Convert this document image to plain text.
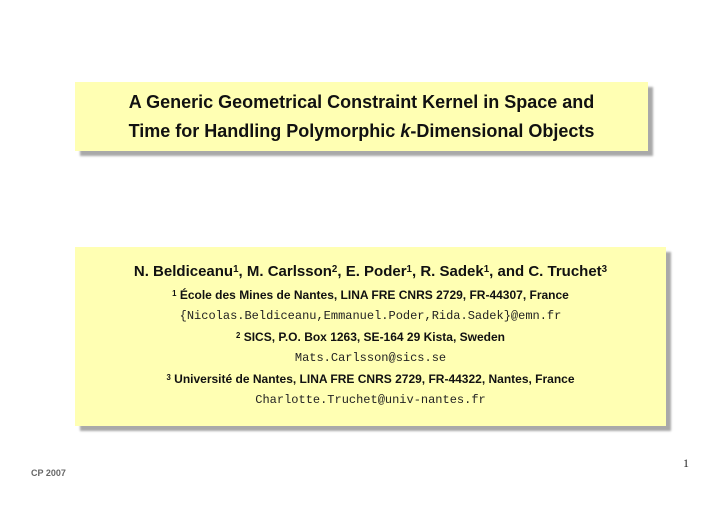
A Generic Geometrical Constraint Kernel in Space and
Time for Handling Polymorphic k-Dimensional Objects
N. Beldiceanu$^1$, M. Carlsson$^2$, E. Poder$^1$, R. Sadek$^1$, and C. Truchet$^3$
$^1$ École des Mines de Nantes, LINA FRE CNRS 2729, FR-44307, France
{Nicolas.Beldiceanu,Emmanuel.Poder,Rida.Sadek}@emn.fr
$^2$ SICS, P.O. Box 1263, SE-164 29 Kista, Sweden
Mats.Carlsson@sics.se
$^3$ Université de Nantes, LINA FRE CNRS 2729, FR-44322, Nantes, France
Charlotte.Truchet@univ-nantes.fr
1
CP 2007
